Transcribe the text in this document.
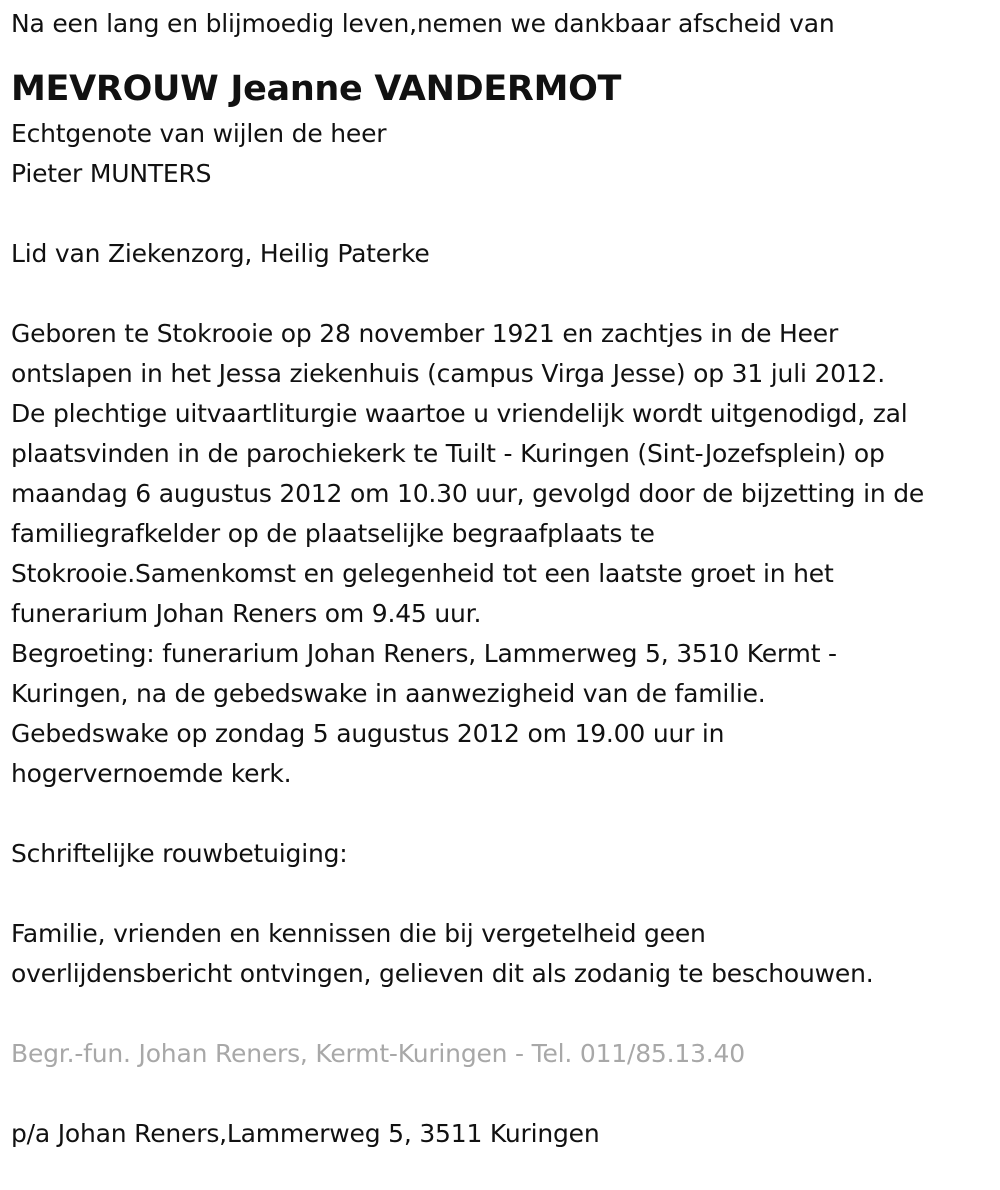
Na een lang en blijmoedig leven,nemen we dankbaar afscheid van
MEVROUW Jeanne VANDERMOT
Echtgenote van wijlen de heer
Pieter MUNTERS
Lid van Ziekenzorg, Heilig Paterke
Geboren te Stokrooie op 28 november 1921 en zachtjes in de Heer
ontslapen in het Jessa ziekenhuis (campus Virga Jesse) op 31 juli 2012.
De plechtige uitvaartliturgie waartoe u vriendelijk wordt uitgenodigd, zal
plaatsvinden in de parochiekerk te Tuilt - Kuringen (Sint-Jozefsplein) op
maandag 6 augustus 2012 om 10.30 uur, gevolgd door de bijzetting in de
familiegrafkelder op de plaatselijke begraafplaats te
Stokrooie.Samenkomst en gelegenheid tot een laatste groet in het
funerarium Johan Reners om 9.45 uur.
Begroeting: funerarium Johan Reners, Lammerweg 5, 3510 Kermt -
Kuringen, na de gebedswake in aanwezigheid van de familie.
Gebedswake op zondag 5 augustus 2012 om 19.00 uur in
hogervernoemde kerk.
Schriftelijke rouwbetuiging:
Familie, vrienden en kennissen die bij vergetelheid geen
overlijdensbericht ontvingen, gelieven dit als zodanig te beschouwen.
Begr.-fun. Johan Reners, Kermt-Kuringen - Tel. 011/85.13.40
p/a Johan Reners,Lammerweg 5, 3511 Kuringen
